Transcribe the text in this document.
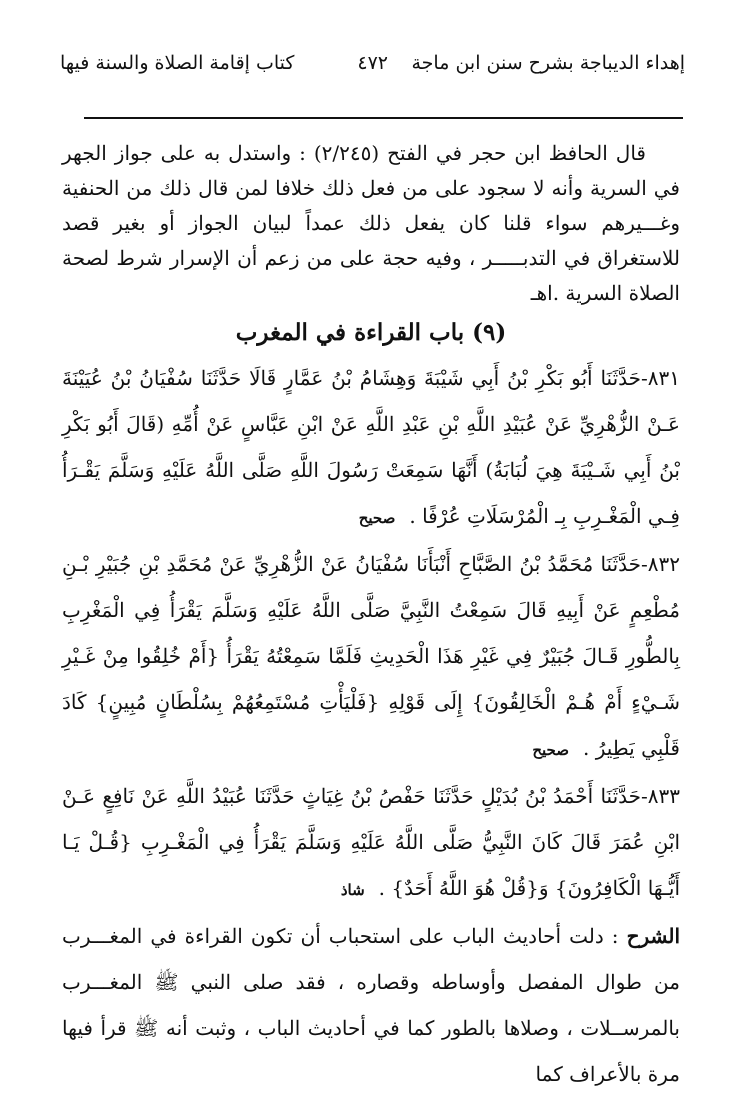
إهداء الديباجة بشرح سنن ابن ماجة
٤٧٢
كتاب إقامة الصلاة والسنة فيها

قال الحافظ ابن حجر في الفتح (٢/٢٤٥) : واستدل به على جواز الجهر في السرية وأنه لا سجود على من فعل ذلك خلافا لمن قال ذلك من الحنفية وغـــيرهم سواء قلنا كان يفعل ذلك عمداً لبيان الجواز أو بغير قصد للاستغراق في التدبـــــر ، وفيه حجة على من زعم أن الإسرار شرط لصحة الصلاة السرية .اهـ

(٩) باب القراءة في المغرب

٨٣١-حَدَّثَنَا أَبُو بَكْرِ بْنُ أَبِي شَيْبَةَ وَهِشَامُ بْنُ عَمَّارٍ قَالَا حَدَّثَنَا سُفْيَانُ بْنُ عُيَيْنَةَ عَـنْ الزُّهْرِيِّ عَنْ عُبَيْدِ اللَّهِ بْنِ عَبْدِ اللَّهِ عَنْ ابْنِ عَبَّاسٍ عَنْ أُمِّهِ (قَالَ أَبُو بَكْرِ بْنُ أَبِي شَـيْبَةَ هِيَ لُبَابَةُ) أَنَّهَا سَمِعَتْ رَسُولَ اللَّهِ صَلَّى اللَّهُ عَلَيْهِ وَسَلَّمَ يَقْـرَأُ فِـي الْمَغْـرِبِ بِـ الْمُرْسَلَاتِ عُرْفًا .صحيح

٨٣٢-حَدَّثَنَا مُحَمَّدُ بْنُ الصَّبَّاحِ أَنْبَأَنَا سُفْيَانُ عَنْ الزُّهْرِيِّ عَنْ مُحَمَّدِ بْنِ جُبَيْرِ بْـنِ مُطْعِمٍ عَنْ أَبِيهِ قَالَ سَمِعْتُ النَّبِيَّ صَلَّى اللَّهُ عَلَيْهِ وَسَلَّمَ يَقْرَأُ فِي الْمَغْرِبِ بِالطُّورِ قَـالَ جُبَيْرٌ فِي غَيْرِ هَذَا الْحَدِيثِ فَلَمَّا سَمِعْتُهُ يَقْرَأُ {أَمْ خُلِقُوا مِنْ غَـيْرِ شَـيْءٍ أَمْ هُـمْ الْخَالِقُونَ} إِلَى قَوْلِهِ {فَلْيَأْتِ مُسْتَمِعُهُمْ بِسُلْطَانٍ مُبِينٍ} كَادَ قَلْبِي يَطِيرُ .صحيح

٨٣٣-حَدَّثَنَا أَحْمَدُ بْنُ بُدَيْلٍ حَدَّثَنَا حَفْصُ بْنُ غِيَاثٍ حَدَّثَنَا عُبَيْدُ اللَّهِ عَنْ نَافِعٍ عَـنْ ابْنِ عُمَرَ قَالَ كَانَ النَّبِيُّ صَلَّى اللَّهُ عَلَيْهِ وَسَلَّمَ يَقْرَأُ فِي الْمَغْـرِبِ {قُـلْ يَـا أَيُّـهَا الْكَافِرُونَ} وَ{قُلْ هُوَ اللَّهُ أَحَدٌ} .شاذ

الشرح : دلت أحاديث الباب على استحباب أن تكون القراءة في المغـــرب من طوال المفصل وأوساطه وقصاره ، فقد صلى النبي ﷺ المغـــرب بالمرســلات ، وصلاها بالطور كما في أحاديث الباب ، وثبت أنه ﷺ قرأ فيها مرة بالأعراف كما
